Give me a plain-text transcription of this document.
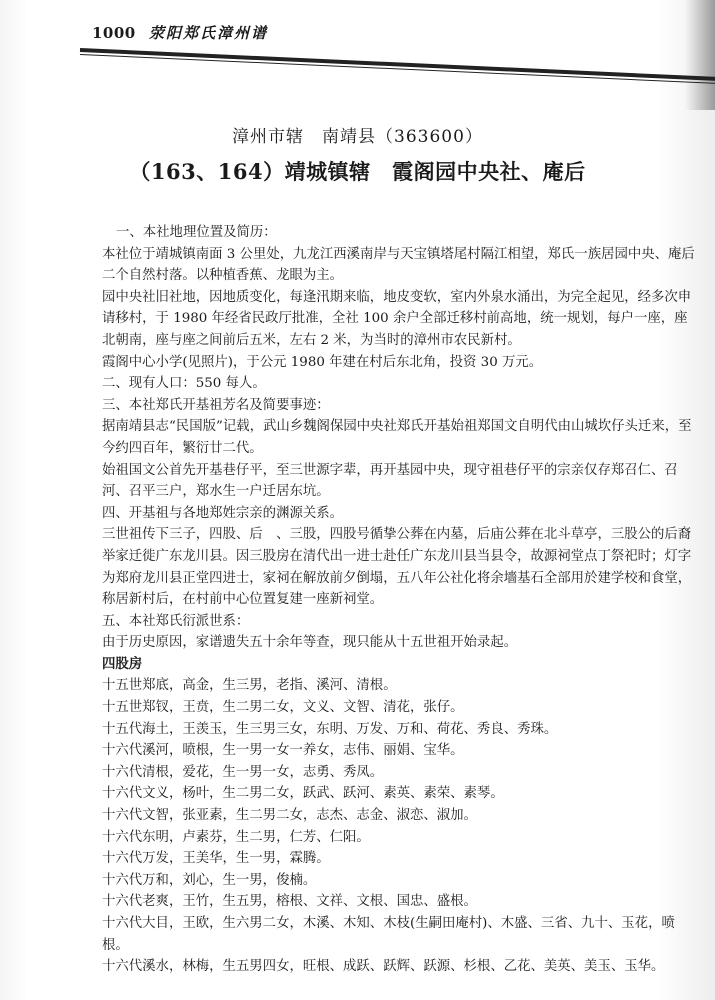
1000 荥阳郑氏漳州谱
漳州市辖　南靖县（363600）
（163、164）靖城镇辖　霞阁园中央社、庵后

一、本社地理位置及简历：

本社位于靖城镇南面 3 公里处，九龙江西溪南岸与天宝镇塔尾村隔江相望，郑氏一族居园中央、庵后二个自然村落。以种植香蕉、龙眼为主。

园中央社旧社地，因地质变化，每逢汛期来临，地皮变软，室内外泉水涌出，为完全起见，经多次申请移村，于 1980 年经省民政厅批准，全社 100 余户全部迁移村前高地，统一规划，每户一座，座北朝南，座与座之间前后五米，左右 2 米，为当时的漳州市农民新村。

霞阁中心小学(见照片)，于公元 1980 年建在村后东北角，投资 30 万元。

二、现有人口：550 每人。

三、本社郑氏开基祖芳名及简要事迹：

据南靖县志“民国版”记载，武山乡魏阁保园中央社郑氏开基始祖郑国文自明代由山城坎仔头迁来，至今约四百年，繁衍廿二代。

始祖国文公首先开基巷仔平，至三世源字辈，再开基园中央，现守祖巷仔平的宗亲仅存郑召仁、召河、召平三户，郑水生一户迁居东坑。

四、开基祖与各地郑姓宗亲的渊源关系。

三世祖传下三子，四股、后　、三股，四股号循挚公葬在内墓，后庙公葬在北斗草亭，三股公的后裔举家迁徙广东龙川县。因三股房在清代出一进士赴任广东龙川县当县令，故源祠堂点丁祭祀时；灯字为郑府龙川县正堂四进士，家祠在解放前夕倒塌，五八年公社化将余墻基石全部用於建学校和食堂，称居新村后，在村前中心位置复建一座新祠堂。

五、本社郑氏衍派世系：

由于历史原因，家谱遗失五十余年等查，现只能从十五世祖开始录起。

四股房

十五世郑底，高金，生三男，老指、溪河、清根。

十五世郑钗，王贲，生二男二女，文义、文智、清花，张仔。

十五代海土，王羡玉，生三男三女，东明、万发、万和、荷花、秀良、秀珠。

十六代溪河，喷根，生一男一女一养女，志伟、丽娟、宝华。

十六代清根，爱花，生一男一女，志勇、秀凤。

十六代文义，杨叶，生二男二女，跃武、跃河、素英、素荣、素琴。

十六代文智，张亚素，生二男二女，志杰、志金、淑恋、淑加。

十六代东明，卢素芬，生二男，仁芳、仁阳。

十六代万发，王美华，生一男，霖腾。

十六代万和，刘心，生一男，俊楠。

十六代老爽，王竹，生五男，榕根、文祥、文根、国忠、盛根。

十六代大目，王欧，生六男二女，木溪、木知、木枝(生嗣田庵村)、木盛、三省、九十、玉花，喷根。

十六代溪水，林梅，生五男四女，旺根、成跃、跃辉、跃源、杉根、乙花、美英、美玉、玉华。
